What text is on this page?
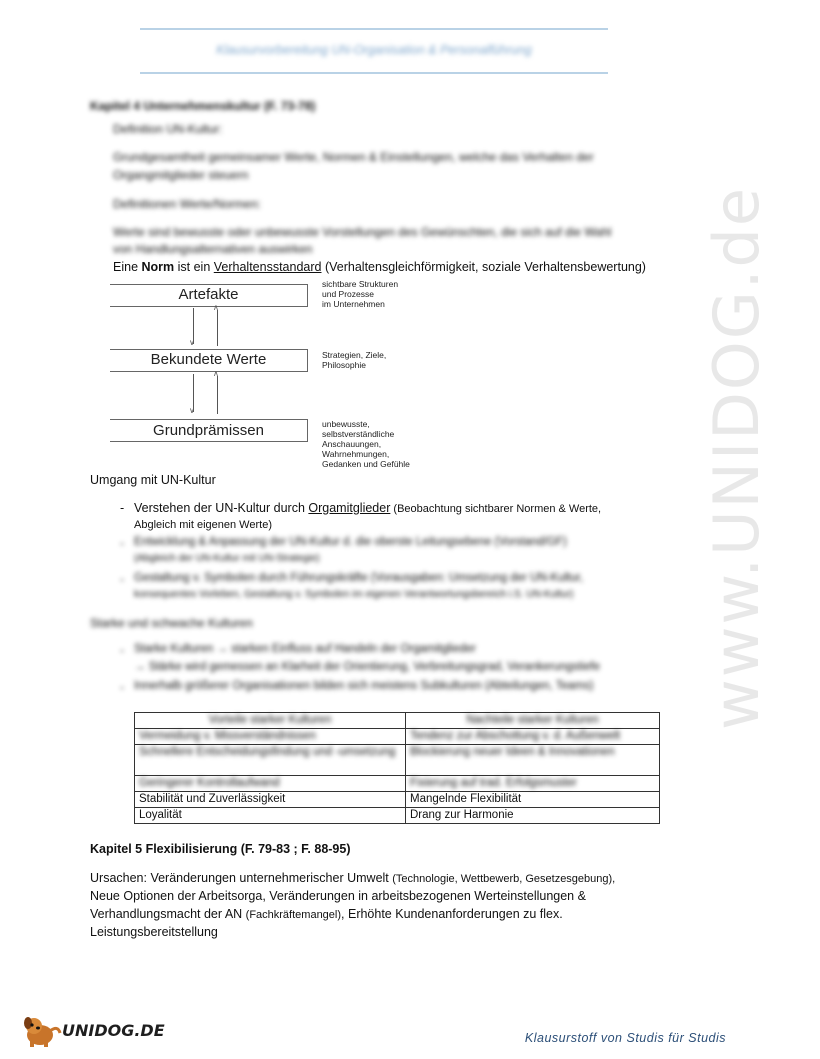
Klausurvorbereitung UN-Organisation & Personalführung
www.UNIDOG.de
Kapitel 4 Unternehmenskultur (F. 73-78)
Definition UN-Kultur:
Grundgesamtheit gemeinsamer Werte, Normen & Einstellungen, welche das Verhalten der
Organgmitglieder steuern
Definitionen Werte/Normen:
Werte sind bewusste oder unbewusste Vorstellungen des Gewünschten, die sich auf die Wahl
von Handlungsalternativen auswirken
Eine Norm ist ein Verhaltensstandard (Verhaltensgleichförmigkeit, soziale Verhaltensbewertung)
Artefakte
sichtbare Strukturen
und Prozesse
im Unternehmen
∨
∧
Bekundete Werte	Strategien, Ziele,
Philosophie
∨
∧
Grundprämissen	unbewusste,
selbstverständliche
Anschauungen,
Wahrnehmungen,
Gedanken und Gefühle
Umgang mit UN-Kultur
- Verstehen der UN-Kultur durch Orgamitglieder (Beobachtung sichtbarer Normen & Werte,
Abgleich mit eigenen Werte)
- Entwicklung & Anpassung der UN-Kultur d. die oberste Leitungsebene (Vorstand/GF)
(Abgleich der UN-Kultur mit UN-Strategie)
- Gestaltung v. Symbolen durch Führungskräfte (Vorausgaben: Umsetzung der UN-Kultur,
konsequentes Vorleben, Gestaltung v. Symbolen im eigenen Verantwortungsbereich i.S. UN-Kultur)
Starke und schwache Kulturen
- Starke Kulturen → starken Einfluss auf Handeln der Orgamitglieder
→ Stärke wird gemessen an Klarheit der Orientierung, Verbreitungsgrad, Verankerungstiefe
- Innerhalb größerer Organisationen bilden sich meistens Subkulturen (Abteilungen, Teams)
Vorteile starker Kulturen	Nachteile starker Kulturen
Vermeidung v. Missverständnissen	Tendenz zur Abschottung v. d. Außenwelt
Schnellere Entscheidungsfindung und -umsetzung	Blockierung neuer Ideen & Innovationen
Geringerer Kontrollaufwand	Fixierung auf trad. Erfolgsmuster
Stabilität und Zuverlässigkeit	Mangelnde Flexibilität
Loyalität	Drang zur Harmonie
Kapitel 5 Flexibilisierung (F. 79-83 ; F. 88-95)
Ursachen: Veränderungen unternehmerischer Umwelt (Technologie, Wettbewerb, Gesetzesgebung),
Neue Optionen der Arbeitsorga, Veränderungen in arbeitsbezogenen Werteinstellungen &
Verhandlungsmacht der AN (Fachkräftemangel), Erhöhte Kundenanforderungen zu flex.
Leistungsbereitstellung
UNIDOG.DE	Klausurstoff von Studis für Studis
